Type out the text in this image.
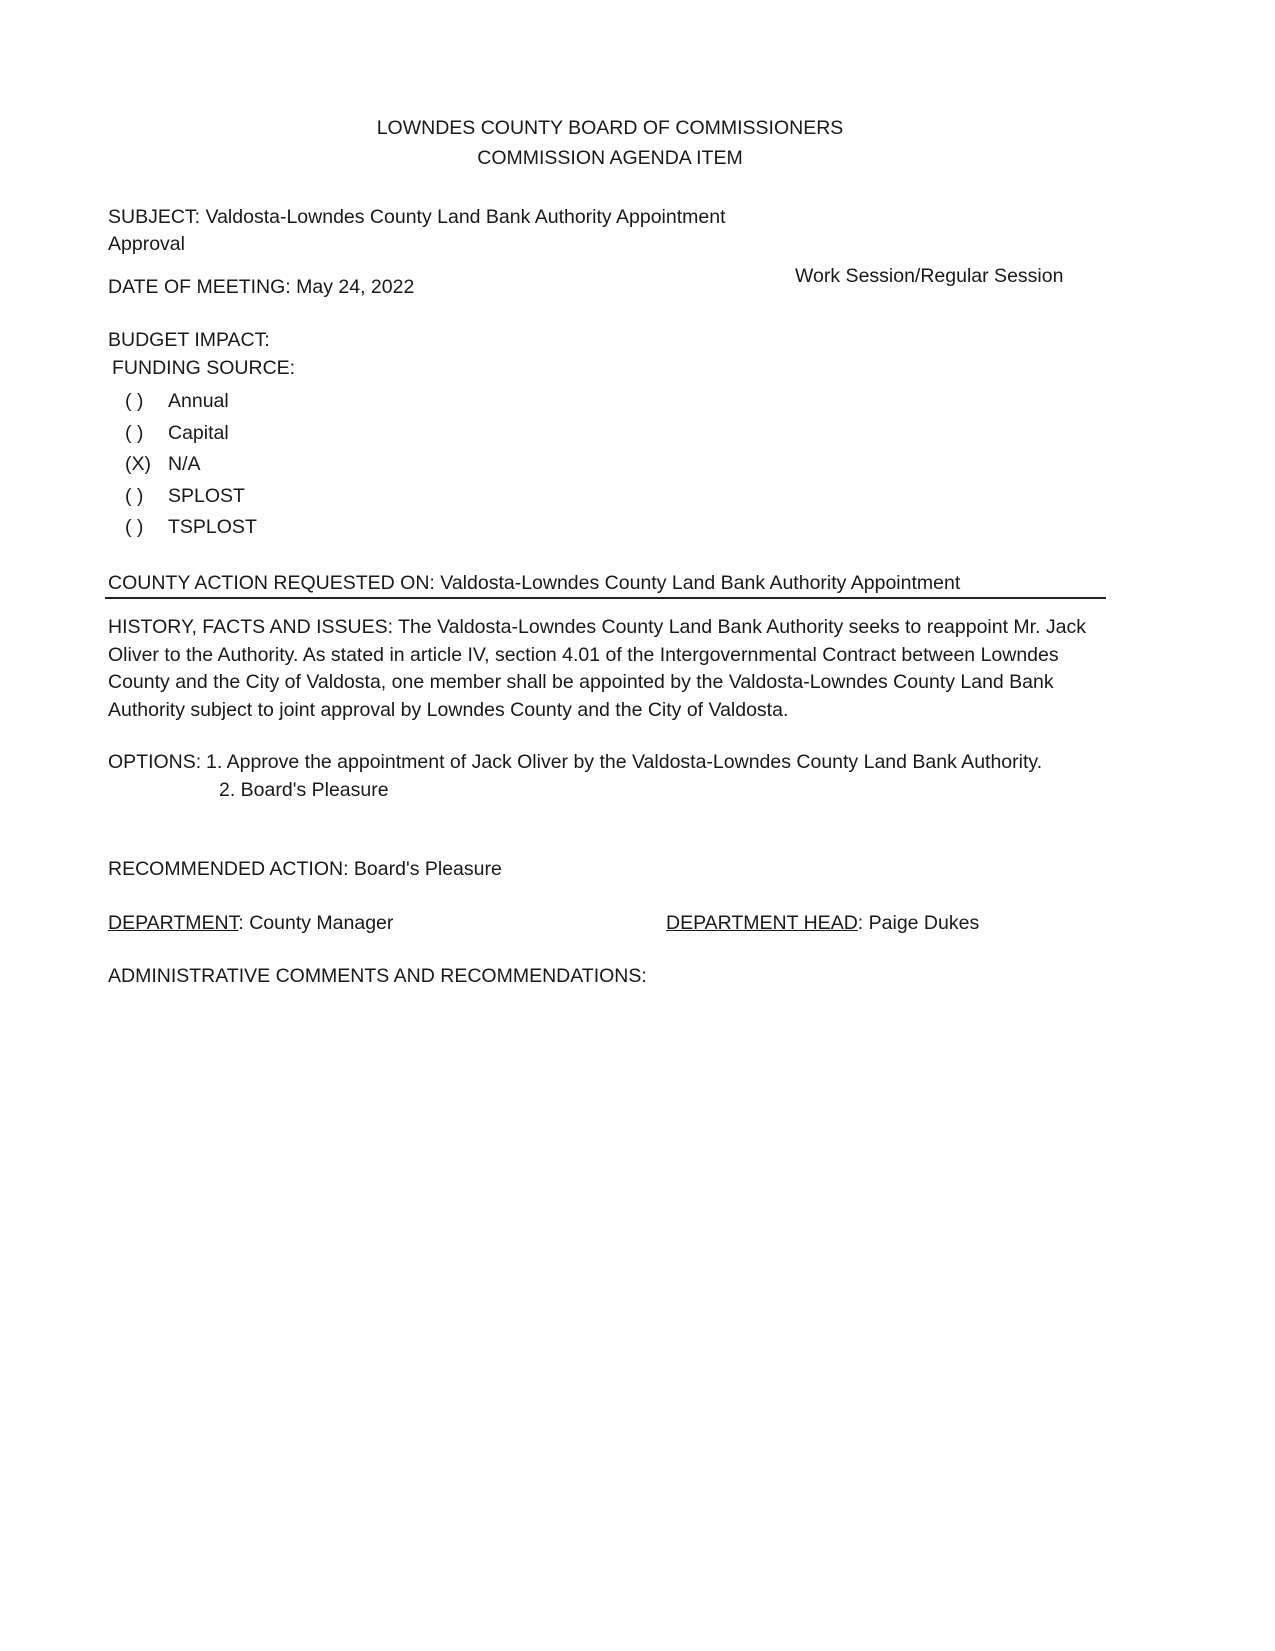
LOWNDES COUNTY BOARD OF COMMISSIONERS
COMMISSION AGENDA ITEM
SUBJECT: Valdosta-Lowndes County Land Bank Authority Appointment
Approval
DATE OF MEETING: May 24, 2022	Work Session/Regular Session
BUDGET IMPACT:
FUNDING SOURCE:
( ) Annual
( ) Capital
(X) N/A
( ) SPLOST
( ) TSPLOST
COUNTY ACTION REQUESTED ON: Valdosta-Lowndes County Land Bank Authority Appointment
HISTORY, FACTS AND ISSUES: The Valdosta-Lowndes County Land Bank Authority seeks to reappoint Mr. Jack Oliver to the Authority. As stated in article IV, section 4.01 of the Intergovernmental Contract between Lowndes County and the City of Valdosta, one member shall be appointed by the Valdosta-Lowndes County Land Bank Authority subject to joint approval by Lowndes County and the City of Valdosta.
OPTIONS: 1. Approve the appointment of Jack Oliver by the Valdosta-Lowndes County Land Bank Authority.
2. Board's Pleasure
RECOMMENDED ACTION: Board's Pleasure
DEPARTMENT: County Manager	DEPARTMENT HEAD: Paige Dukes
ADMINISTRATIVE COMMENTS AND RECOMMENDATIONS:
